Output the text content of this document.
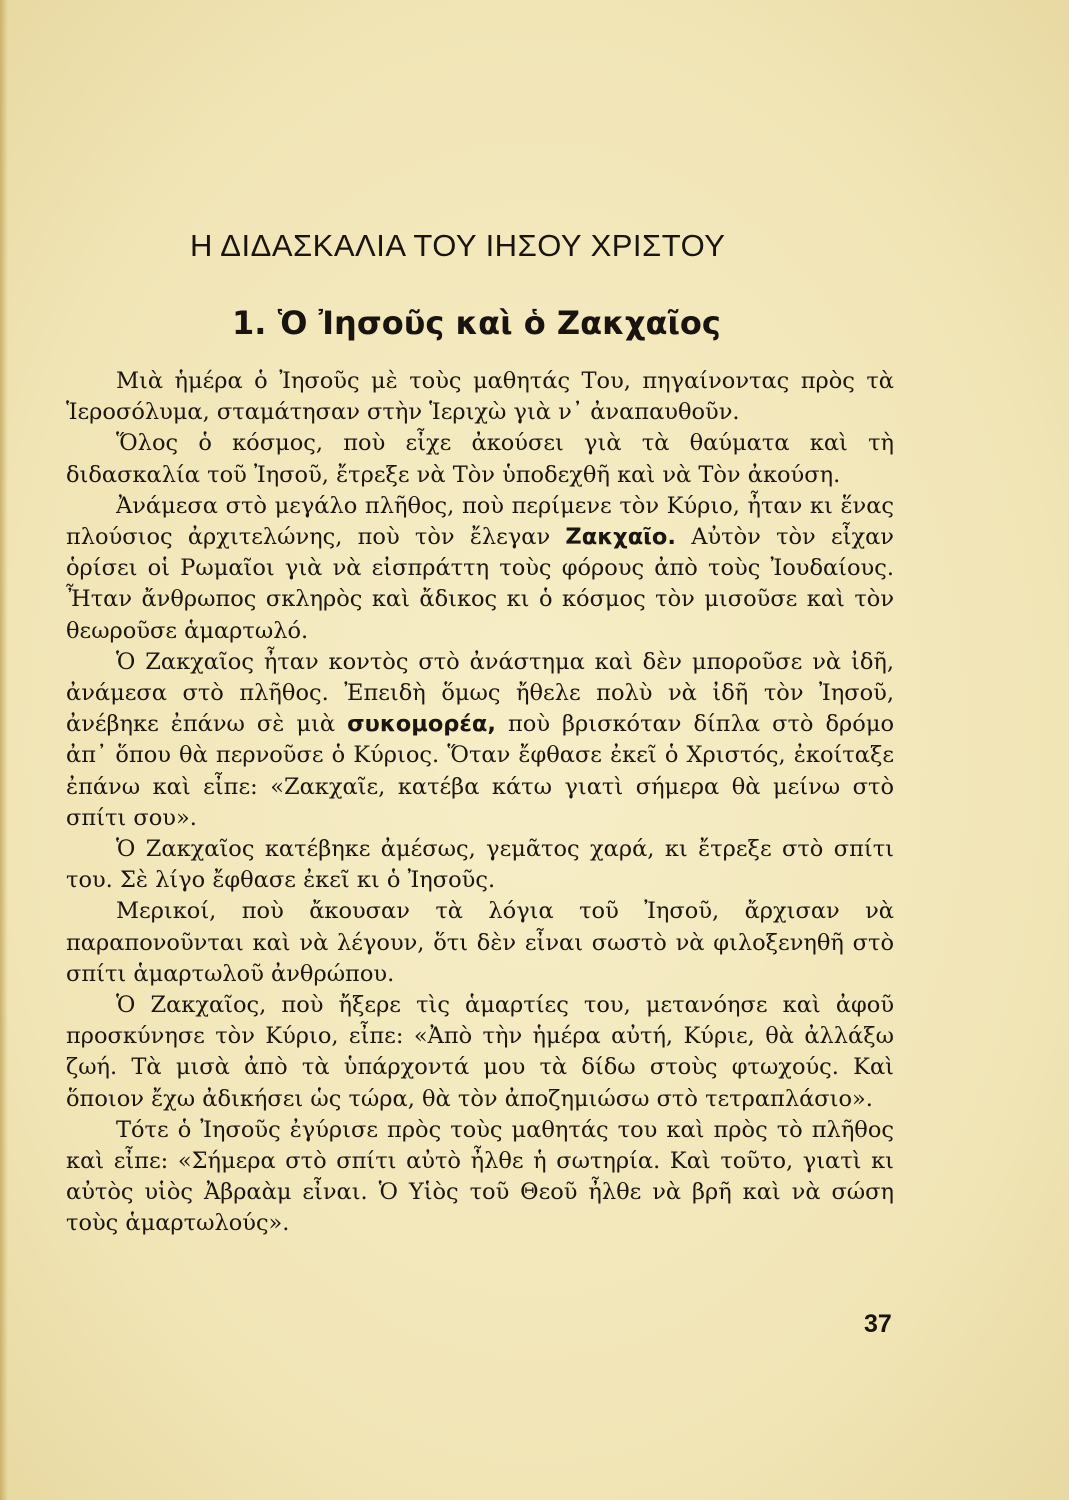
Η ΔΙΔΑΣΚΑΛΙΑ ΤΟΥ ΙΗΣΟΥ ΧΡΙΣΤΟΥ
1. Ὁ Ἰησοῦς καὶ ὁ Ζακχαῖος

Μιὰ ἡμέρα ὁ Ἰησοῦς μὲ τοὺς μαθητάς Του, πηγαίνοντας πρὸς τὰ Ἱεροσόλυμα, σταμάτησαν στὴν Ἱεριχὼ γιὰ ν᾿ ἀναπαυθοῦν.

Ὅλος ὁ κόσμος, ποὺ εἶχε ἀκούσει γιὰ τὰ θαύματα καὶ τὴ διδασκαλία τοῦ Ἰησοῦ, ἔτρεξε νὰ Τὸν ὑποδεχθῆ καὶ νὰ Τὸν ἀκούση.

Ἀνάμεσα στὸ μεγάλο πλῆθος, ποὺ περίμενε τὸν Κύριο, ἦταν κι ἕνας πλούσιος ἀρχιτελώνης, ποὺ τὸν ἔλεγαν Ζακχαῖο. Αὐτὸν τὸν εἶχαν ὁρίσει οἱ Ρωμαῖοι γιὰ νὰ εἰσπράττη τοὺς φόρους ἀπὸ τοὺς Ἰουδαίους. Ἦταν ἄνθρωπος σκληρὸς καὶ ἄδικος κι ὁ κόσμος τὸν μισοῦσε καὶ τὸν θεωροῦσε ἁμαρτωλό.

Ὁ Ζακχαῖος ἦταν κοντὸς στὸ ἀνάστημα καὶ δὲν μποροῦσε νὰ ἰδῆ, ἀνάμεσα στὸ πλῆθος. Ἐπειδὴ ὅμως ἤθελε πολὺ νὰ ἰδῆ τὸν Ἰησοῦ, ἀνέβηκε ἐπάνω σὲ μιὰ συκομορέα, ποὺ βρισκόταν δίπλα στὸ δρόμο ἀπ᾿ ὅπου θὰ περνοῦσε ὁ Κύριος. Ὅταν ἔφθασε ἐκεῖ ὁ Χριστός, ἐκοίταξε ἐπάνω καὶ εἶπε: «Ζακχαῖε, κατέβα κάτω γιατὶ σήμερα θὰ μείνω στὸ σπίτι σου».

Ὁ Ζακχαῖος κατέβηκε ἀμέσως, γεμᾶτος χαρά, κι ἔτρεξε στὸ σπίτι του. Σὲ λίγο ἔφθασε ἐκεῖ κι ὁ Ἰησοῦς.

Μερικοί, ποὺ ἄκουσαν τὰ λόγια τοῦ Ἰησοῦ, ἄρχισαν νὰ παραπονοῦνται καὶ νὰ λέγουν, ὅτι δὲν εἶναι σωστὸ νὰ φιλοξενηθῆ στὸ σπίτι ἁμαρτωλοῦ ἀνθρώπου.

Ὁ Ζακχαῖος, ποὺ ἤξερε τὶς ἁμαρτίες του, μετανόησε καὶ ἀφοῦ προσκύνησε τὸν Κύριο, εἶπε: «Ἀπὸ τὴν ἡμέρα αὐτή, Κύριε, θὰ ἀλλάξω ζωή. Τὰ μισὰ ἀπὸ τὰ ὑπάρχοντά μου τὰ δίδω στοὺς φτωχούς. Καὶ ὅποιον ἔχω ἀδικήσει ὡς τώρα, θὰ τὸν ἀποζημιώσω στὸ τετραπλάσιο».

Τότε ὁ Ἰησοῦς ἐγύρισε πρὸς τοὺς μαθητάς του καὶ πρὸς τὸ πλῆθος καὶ εἶπε: «Σήμερα στὸ σπίτι αὐτὸ ἦλθε ἡ σωτηρία. Καὶ τοῦτο, γιατὶ κι αὐτὸς υἱὸς Ἀβραὰμ εἶναι. Ὁ Υἱὸς τοῦ Θεοῦ ἦλθε νὰ βρῆ καὶ νὰ σώση τοὺς ἁμαρτωλούς».

37
